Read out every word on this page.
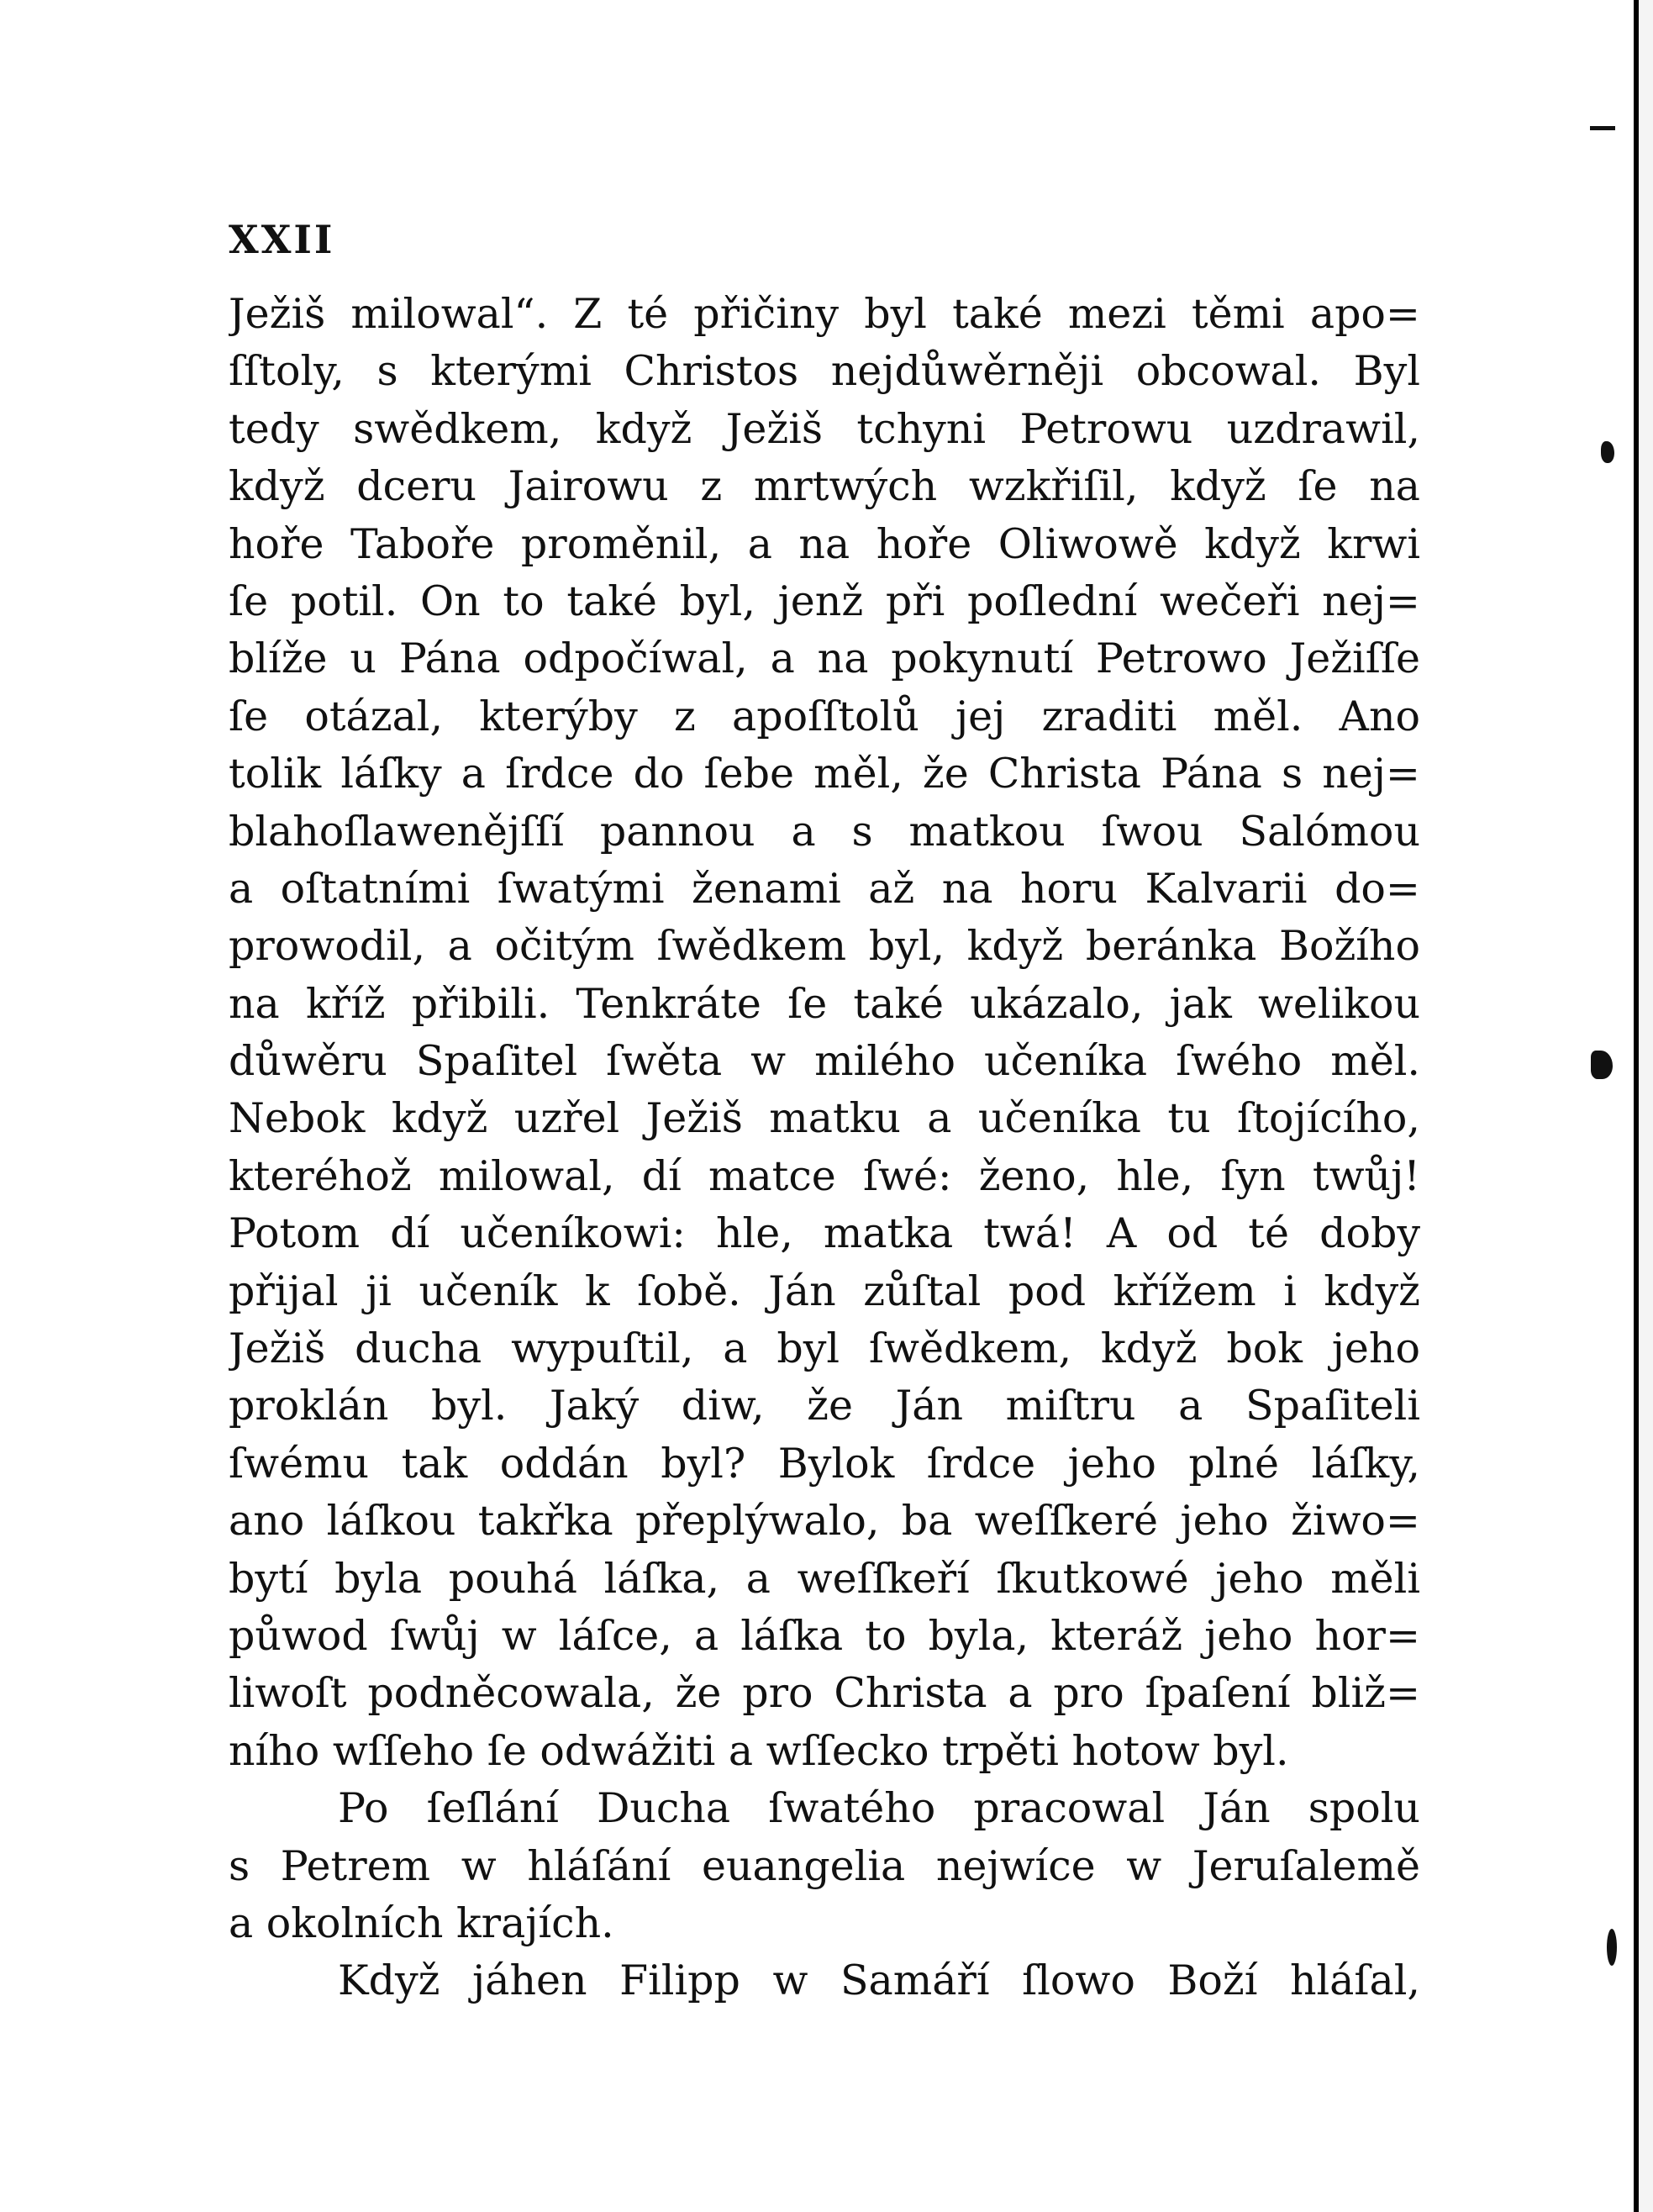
XXII

Ježiš milowal“. Z té přičiny byl také mezi těmi apo=
ſſtoly, s kterými Christos nejdůwěrněji obcowal. Byl
tedy swědkem, když Ježiš tchyni Petrowu uzdrawil,
když dceru Jairowu z mrtwých wzkřiſil, když ſe na
hoře Taboře proměnil, a na hoře Oliwowě když krwi
ſe potil. On to také byl, jenž při poſlední wečeři nej=
blíže u Pána odpočíwal, a na pokynutí Petrowo Ježiſſe
ſe otázal, kterýby z apoſſtolů jej zraditi měl. Ano
tolik láſky a ſrdce do ſebe měl, že Christa Pána s nej=
blahoſlawenějſſí pannou a s matkou ſwou Salómou
a oſtatními ſwatými ženami až na horu Kalvarii do=
prowodil, a očitým ſwědkem byl, když beránka Božího
na kříž přibili. Tenkráte ſe také ukázalo, jak welikou
důwěru Spaſitel ſwěta w milého učeníka ſwého měl.
Nebok když uzřel Ježiš matku a učeníka tu ſtojícího,
kteréhož milowal, dí matce ſwé: ženo, hle, ſyn twůj!
Potom dí učeníkowi: hle, matka twá! A od té doby
přijal ji učeník k ſobě. Ján zůſtal pod křížem i když
Ježiš ducha wypuſtil, a byl ſwědkem, když bok jeho
proklán byl. Jaký diw, že Ján miſtru a Spaſiteli
ſwému tak oddán byl? Bylok ſrdce jeho plné láſky,
ano láſkou takřka přeplýwalo, ba weſſkeré jeho žiwo=
bytí byla pouhá láſka, a weſſkeří ſkutkowé jeho měli
půwod ſwůj w láſce, a láſka to byla, kteráž jeho hor=
liwoſt podněcowala, že pro Christa a pro ſpaſení bliž=
ního wſſeho ſe odwážiti a wſſecko trpěti hotow byl.
Po ſeſlání Ducha ſwatého pracowal Ján spolu
s Petrem w hláſání euangelia nejwíce w Jeruſalemě
a okolních krajích.
Když jáhen Filipp w Samáří ſlowo Boží hláſal,
